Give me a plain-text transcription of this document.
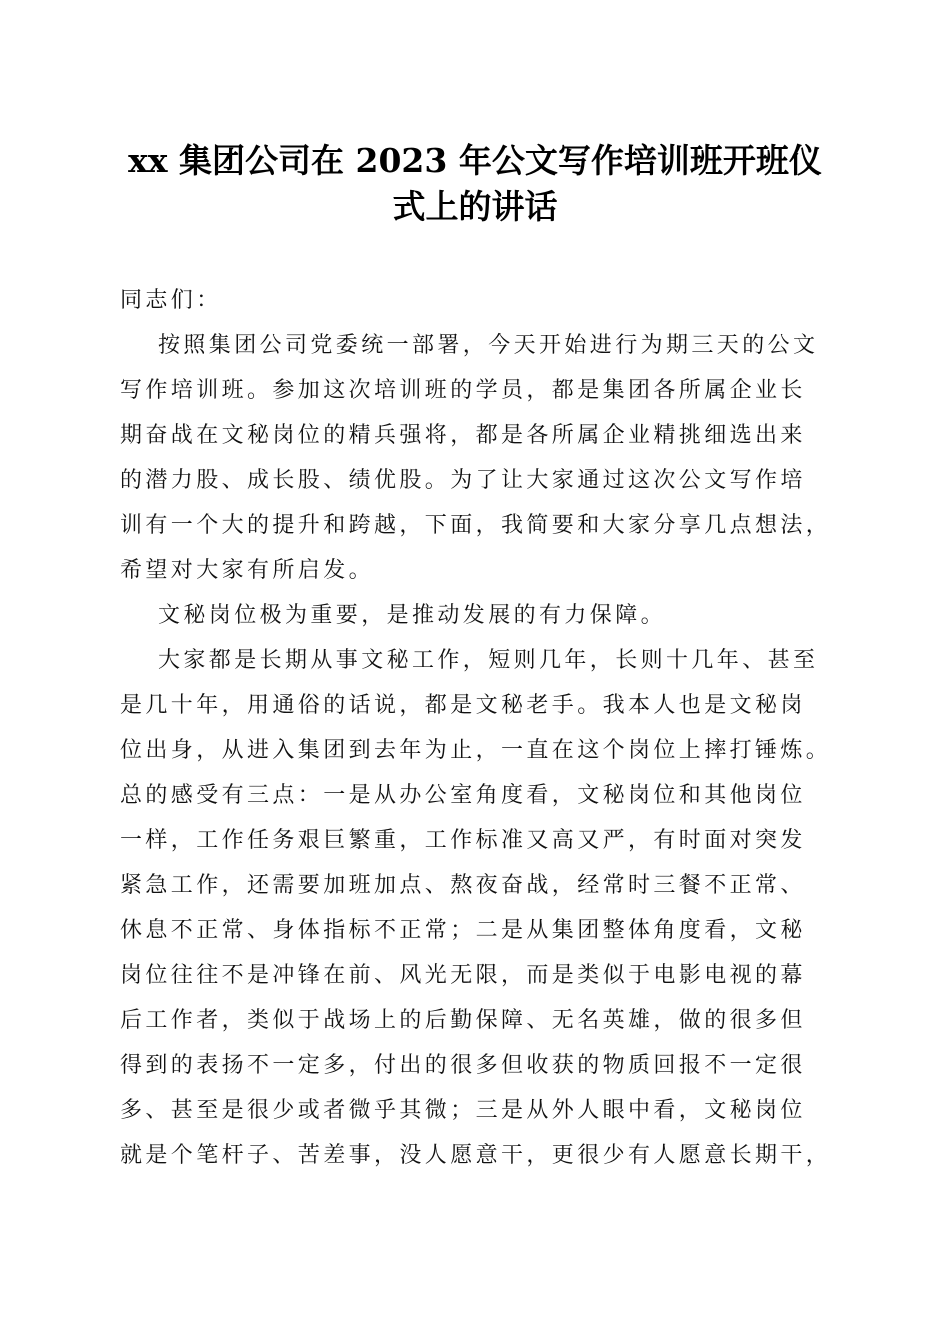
xx 集团公司在 2023 年公文写作培训班开班仪
式上的讲话
同志们：
按照集团公司党委统一部署，今天开始进行为期三天的公文
写作培训班。参加这次培训班的学员，都是集团各所属企业长
期奋战在文秘岗位的精兵强将，都是各所属企业精挑细选出来
的潜力股、成长股、绩优股。为了让大家通过这次公文写作培
训有一个大的提升和跨越，下面，我简要和大家分享几点想法，
希望对大家有所启发。
文秘岗位极为重要，是推动发展的有力保障。
大家都是长期从事文秘工作，短则几年，长则十几年、甚至
是几十年，用通俗的话说，都是文秘老手。我本人也是文秘岗
位出身，从进入集团到去年为止，一直在这个岗位上摔打锤炼。
总的感受有三点：一是从办公室角度看，文秘岗位和其他岗位
一样，工作任务艰巨繁重，工作标准又高又严，有时面对突发
紧急工作，还需要加班加点、熬夜奋战，经常时三餐不正常、
休息不正常、身体指标不正常；二是从集团整体角度看，文秘
岗位往往不是冲锋在前、风光无限，而是类似于电影电视的幕
后工作者，类似于战场上的后勤保障、无名英雄，做的很多但
得到的表扬不一定多，付出的很多但收获的物质回报不一定很
多、甚至是很少或者微乎其微；三是从外人眼中看，文秘岗位
就是个笔杆子、苦差事，没人愿意干，更很少有人愿意长期干，
